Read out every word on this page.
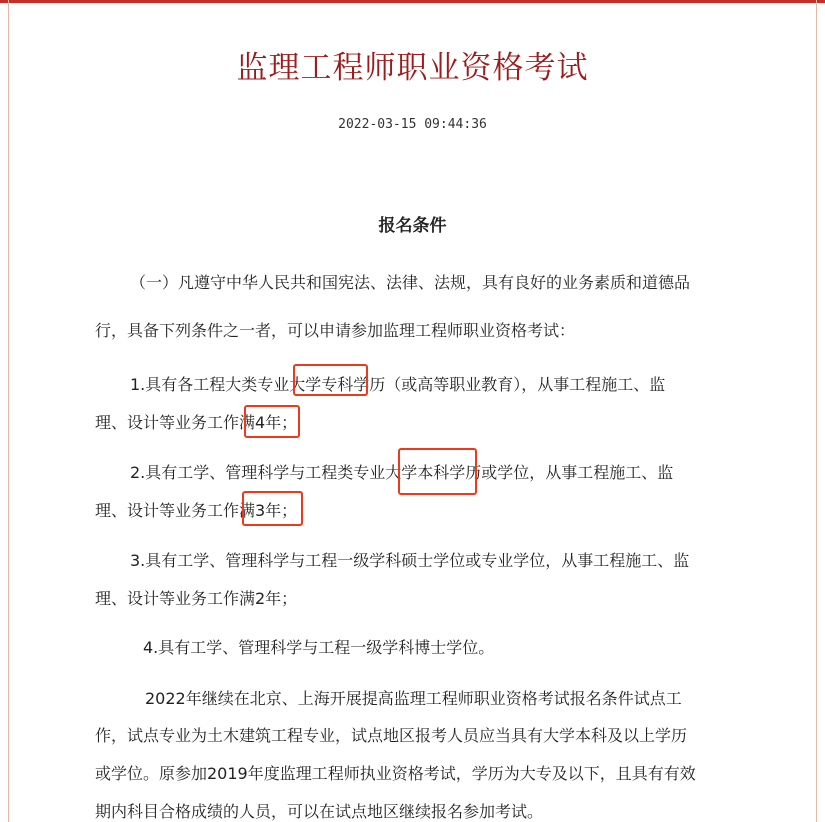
监理工程师职业资格考试
2022-03-15 09:44:36
报名条件
（一）凡遵守中华人民共和国宪法、法律、法规，具有良好的业务素质和道德品
行，具备下列条件之一者，可以申请参加监理工程师职业资格考试：
1.具有各工程大类专业大学专科学历（或高等职业教育），从事工程施工、监
理、设计等业务工作满4年；
2.具有工学、管理科学与工程类专业大学本科学历或学位，从事工程施工、监
理、设计等业务工作满3年；
3.具有工学、管理科学与工程一级学科硕士学位或专业学位，从事工程施工、监
理、设计等业务工作满2年；
4.具有工学、管理科学与工程一级学科博士学位。
2022年继续在北京、上海开展提高监理工程师职业资格考试报名条件试点工
作，试点专业为土木建筑工程专业，试点地区报考人员应当具有大学本科及以上学历
或学位。原参加2019年度监理工程师执业资格考试，学历为大专及以下，且具有有效
期内科目合格成绩的人员，可以在试点地区继续报名参加考试。
